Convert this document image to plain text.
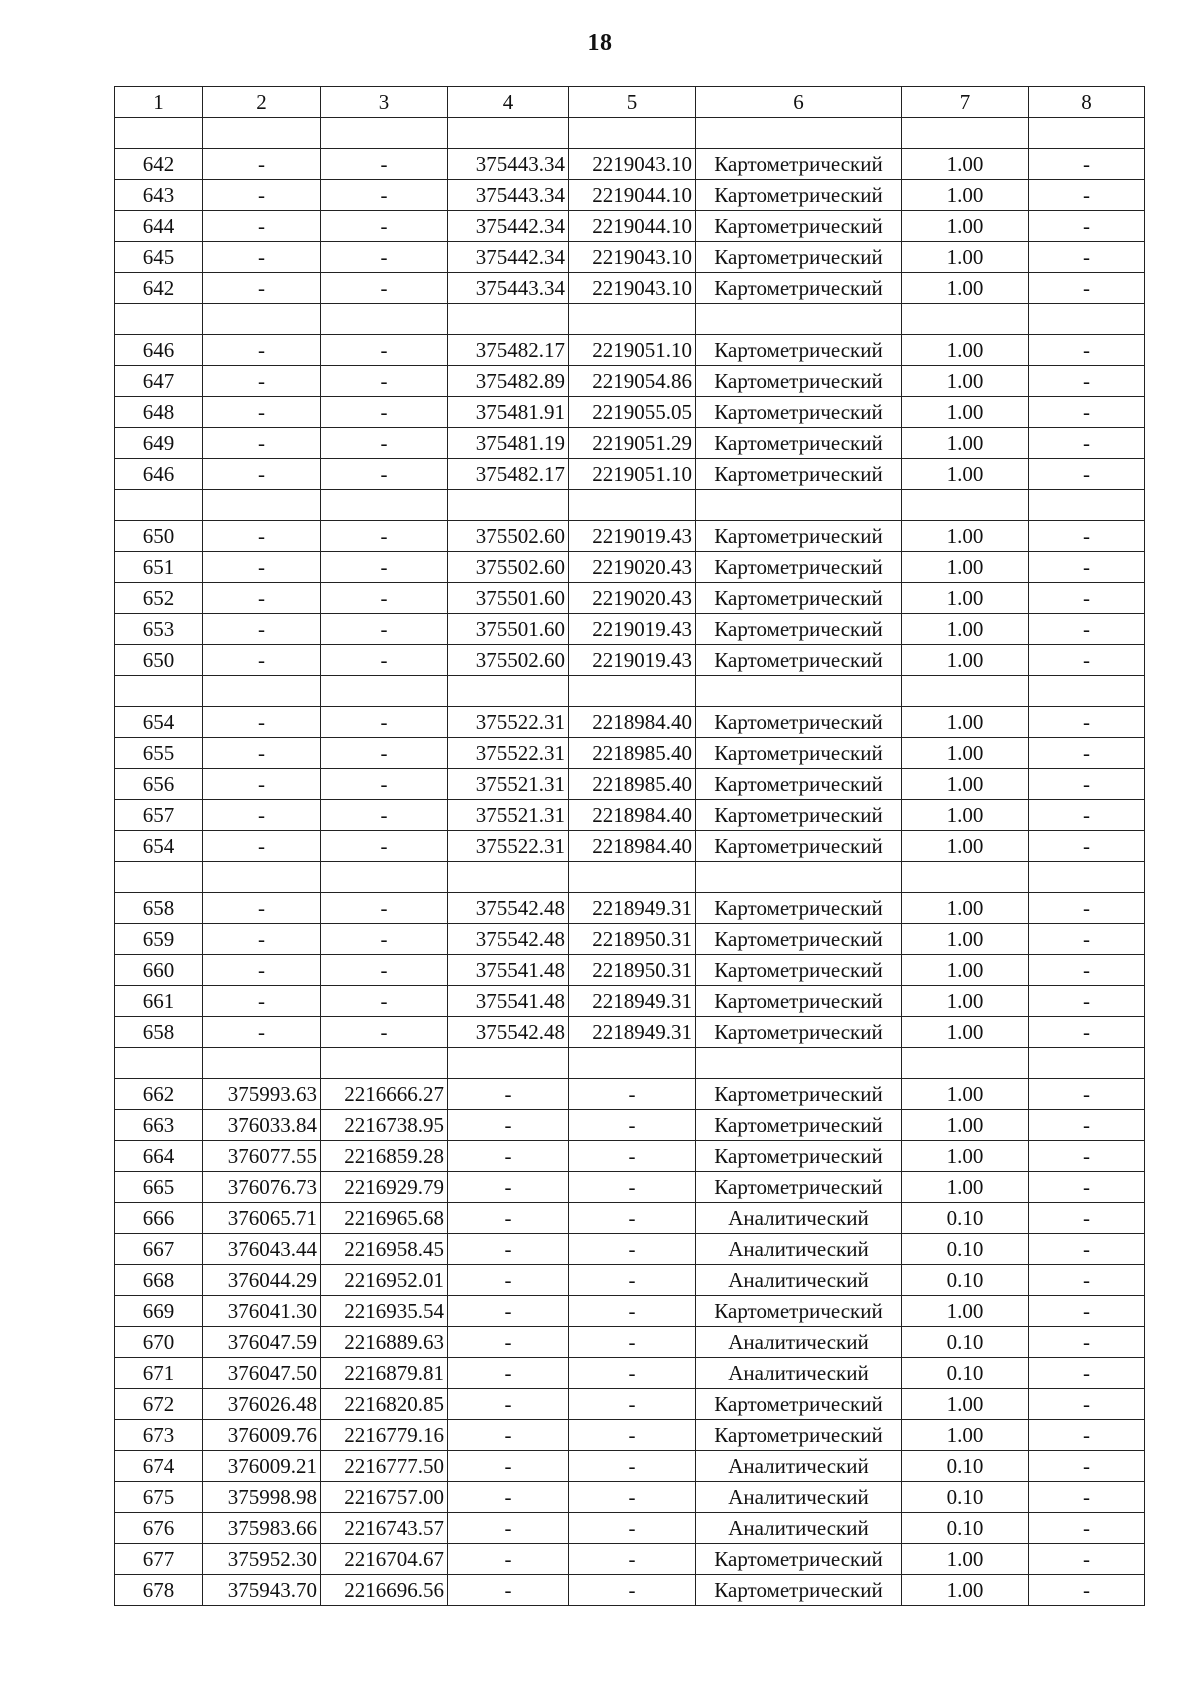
18
1	2	3	4	5	6	7	8

642	-	-	375443.34	2219043.10	Картометрический	1.00	-
643	-	-	375443.34	2219044.10	Картометрический	1.00	-
644	-	-	375442.34	2219044.10	Картометрический	1.00	-
645	-	-	375442.34	2219043.10	Картометрический	1.00	-
642	-	-	375443.34	2219043.10	Картометрический	1.00	-

646	-	-	375482.17	2219051.10	Картометрический	1.00	-
647	-	-	375482.89	2219054.86	Картометрический	1.00	-
648	-	-	375481.91	2219055.05	Картометрический	1.00	-
649	-	-	375481.19	2219051.29	Картометрический	1.00	-
646	-	-	375482.17	2219051.10	Картометрический	1.00	-

650	-	-	375502.60	2219019.43	Картометрический	1.00	-
651	-	-	375502.60	2219020.43	Картометрический	1.00	-
652	-	-	375501.60	2219020.43	Картометрический	1.00	-
653	-	-	375501.60	2219019.43	Картометрический	1.00	-
650	-	-	375502.60	2219019.43	Картометрический	1.00	-

654	-	-	375522.31	2218984.40	Картометрический	1.00	-
655	-	-	375522.31	2218985.40	Картометрический	1.00	-
656	-	-	375521.31	2218985.40	Картометрический	1.00	-
657	-	-	375521.31	2218984.40	Картометрический	1.00	-
654	-	-	375522.31	2218984.40	Картометрический	1.00	-

658	-	-	375542.48	2218949.31	Картометрический	1.00	-
659	-	-	375542.48	2218950.31	Картометрический	1.00	-
660	-	-	375541.48	2218950.31	Картометрический	1.00	-
661	-	-	375541.48	2218949.31	Картометрический	1.00	-
658	-	-	375542.48	2218949.31	Картометрический	1.00	-

662	375993.63	2216666.27	-	-	Картометрический	1.00	-
663	376033.84	2216738.95	-	-	Картометрический	1.00	-
664	376077.55	2216859.28	-	-	Картометрический	1.00	-
665	376076.73	2216929.79	-	-	Картометрический	1.00	-
666	376065.71	2216965.68	-	-	Аналитический	0.10	-
667	376043.44	2216958.45	-	-	Аналитический	0.10	-
668	376044.29	2216952.01	-	-	Аналитический	0.10	-
669	376041.30	2216935.54	-	-	Картометрический	1.00	-
670	376047.59	2216889.63	-	-	Аналитический	0.10	-
671	376047.50	2216879.81	-	-	Аналитический	0.10	-
672	376026.48	2216820.85	-	-	Картометрический	1.00	-
673	376009.76	2216779.16	-	-	Картометрический	1.00	-
674	376009.21	2216777.50	-	-	Аналитический	0.10	-
675	375998.98	2216757.00	-	-	Аналитический	0.10	-
676	375983.66	2216743.57	-	-	Аналитический	0.10	-
677	375952.30	2216704.67	-	-	Картометрический	1.00	-
678	375943.70	2216696.56	-	-	Картометрический	1.00	-
